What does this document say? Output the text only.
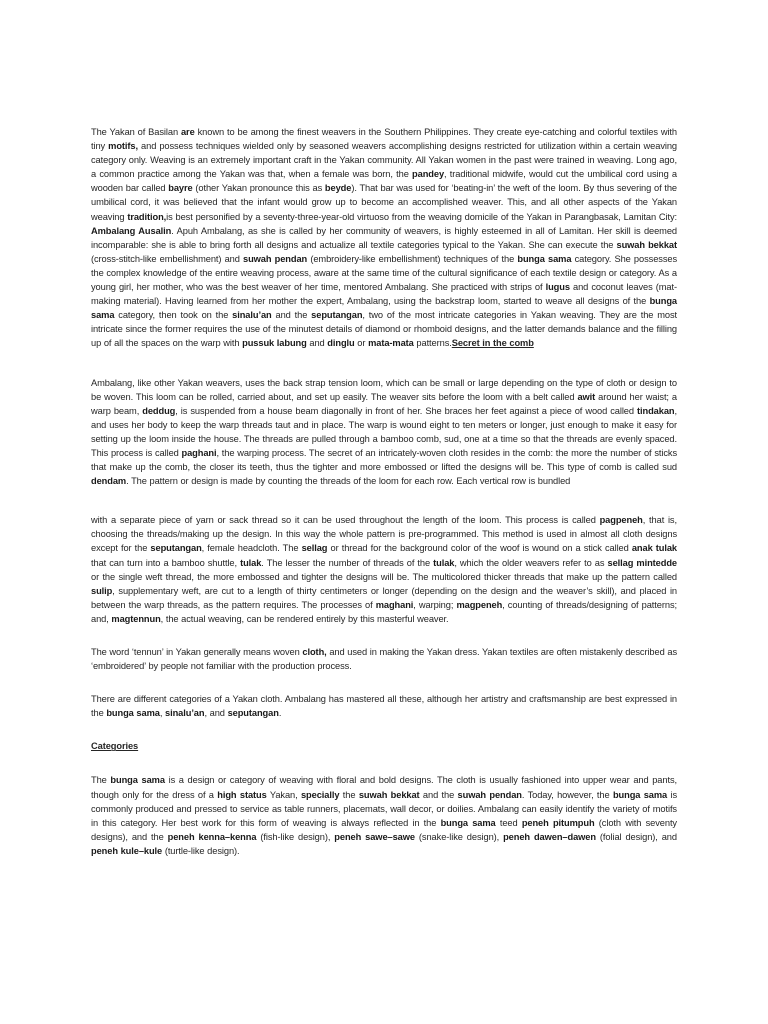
The Yakan of Basilan are known to be among the finest weavers in the Southern Philippines. They create eye-catching and colorful textiles with tiny motifs, and possess techniques wielded only by seasoned weavers accomplishing designs restricted for utilization within a certain weaving category only. Weaving is an extremely important craft in the Yakan community. All Yakan women in the past were trained in weaving. Long ago, a common practice among the Yakan was that, when a female was born, the pandey, traditional midwife, would cut the umbilical cord using a wooden bar called bayre (other Yakan pronounce this as beyde). That bar was used for ‘beating-in’ the weft of the loom. By thus severing of the umbilical cord, it was believed that the infant would grow up to become an accomplished weaver. This, and all other aspects of the Yakan weaving tradition,is best personified by a seventy-three-year-old virtuoso from the weaving domicile of the Yakan in Parangbasak, Lamitan City: Ambalang Ausalin. Apuh Ambalang, as she is called by her community of weavers, is highly esteemed in all of Lamitan. Her skill is deemed incomparable: she is able to bring forth all designs and actualize all textile categories typical to the Yakan. She can execute the suwah bekkat (cross-stitch-like embellishment) and suwah pendan (embroidery-like embellishment) techniques of the bunga sama category. She possesses the complex knowledge of the entire weaving process, aware at the same time of the cultural significance of each textile design or category. As a young girl, her mother, who was the best weaver of her time, mentored Ambalang. She practiced with strips of lugus and coconut leaves (mat-making material). Having learned from her mother the expert, Ambalang, using the backstrap loom, started to weave all designs of the bunga sama category, then took on the sinalu’an and the seputangan, two of the most intricate categories in Yakan weaving. They are the most intricate since the former requires the use of the minutest details of diamond or rhomboid designs, and the latter demands balance and the filling up of all the spaces on the warp with pussuk labung and dinglu or mata-mata patterns.Secret in the comb

Ambalang, like other Yakan weavers, uses the back strap tension loom, which can be small or large depending on the type of cloth or design to be woven. This loom can be rolled, carried about, and set up easily. The weaver sits before the loom with a belt called awit around her waist; a warp beam, deddug, is suspended from a house beam diagonally in front of her. She braces her feet against a piece of wood called tindakan, and uses her body to keep the warp threads taut and in place. The warp is wound eight to ten meters or longer, just enough to make it easy for setting up the loom inside the house. The threads are pulled through a bamboo comb, sud, one at a time so that the threads are evenly spaced. This process is called paghani, the warping process. The secret of an intricately-woven cloth resides in the comb: the more the number of sticks that make up the comb, the closer its teeth, thus the tighter and more embossed or lifted the designs will be. This type of comb is called sud dendam. The pattern or design is made by counting the threads of the loom for each row. Each vertical row is bundled

with a separate piece of yarn or sack thread so it can be used throughout the length of the loom. This process is called pagpeneh, that is, choosing the threads/making up the design. In this way the whole pattern is pre-programmed. This method is used in almost all cloth designs except for the seputangan, female headcloth. The sellag or thread for the background color of the woof is wound on a stick called anak tulak that can turn into a bamboo shuttle, tulak. The lesser the number of threads of the tulak, which the older weavers refer to as sellag mintedde or the single weft thread, the more embossed and tighter the designs will be. The multicolored thicker threads that make up the pattern called sulip, supplementary weft, are cut to a length of thirty centimeters or longer (depending on the design and the weaver’s skill), and placed in between the warp threads, as the pattern requires. The processes of maghani, warping; magpeneh, counting of threads/designing of patterns; and, magtennun, the actual weaving, can be rendered entirely by this masterful weaver.

The word ‘tennun’ in Yakan generally means woven cloth, and used in making the Yakan dress. Yakan textiles are often mistakenly described as ‘embroidered’ by people not familiar with the production process.

There are different categories of a Yakan cloth. Ambalang has mastered all these, although her artistry and craftsmanship are best expressed in the bunga sama, sinalu’an, and seputangan.

Categories

The bunga sama is a design or category of weaving with floral and bold designs. The cloth is usually fashioned into upper wear and pants, though only for the dress of a high status Yakan, specially the suwah bekkat and the suwah pendan. Today, however, the bunga sama is commonly produced and pressed to service as table runners, placemats, wall decor, or doilies. Ambalang can easily identify the variety of motifs in this category. Her best work for this form of weaving is always reflected in the bunga sama teed peneh pitumpuh (cloth with seventy designs), and the peneh kenna–kenna (fish-like design), peneh sawe–sawe (snake-like design), peneh dawen–dawen (folial design), and peneh kule–kule (turtle-like design).
